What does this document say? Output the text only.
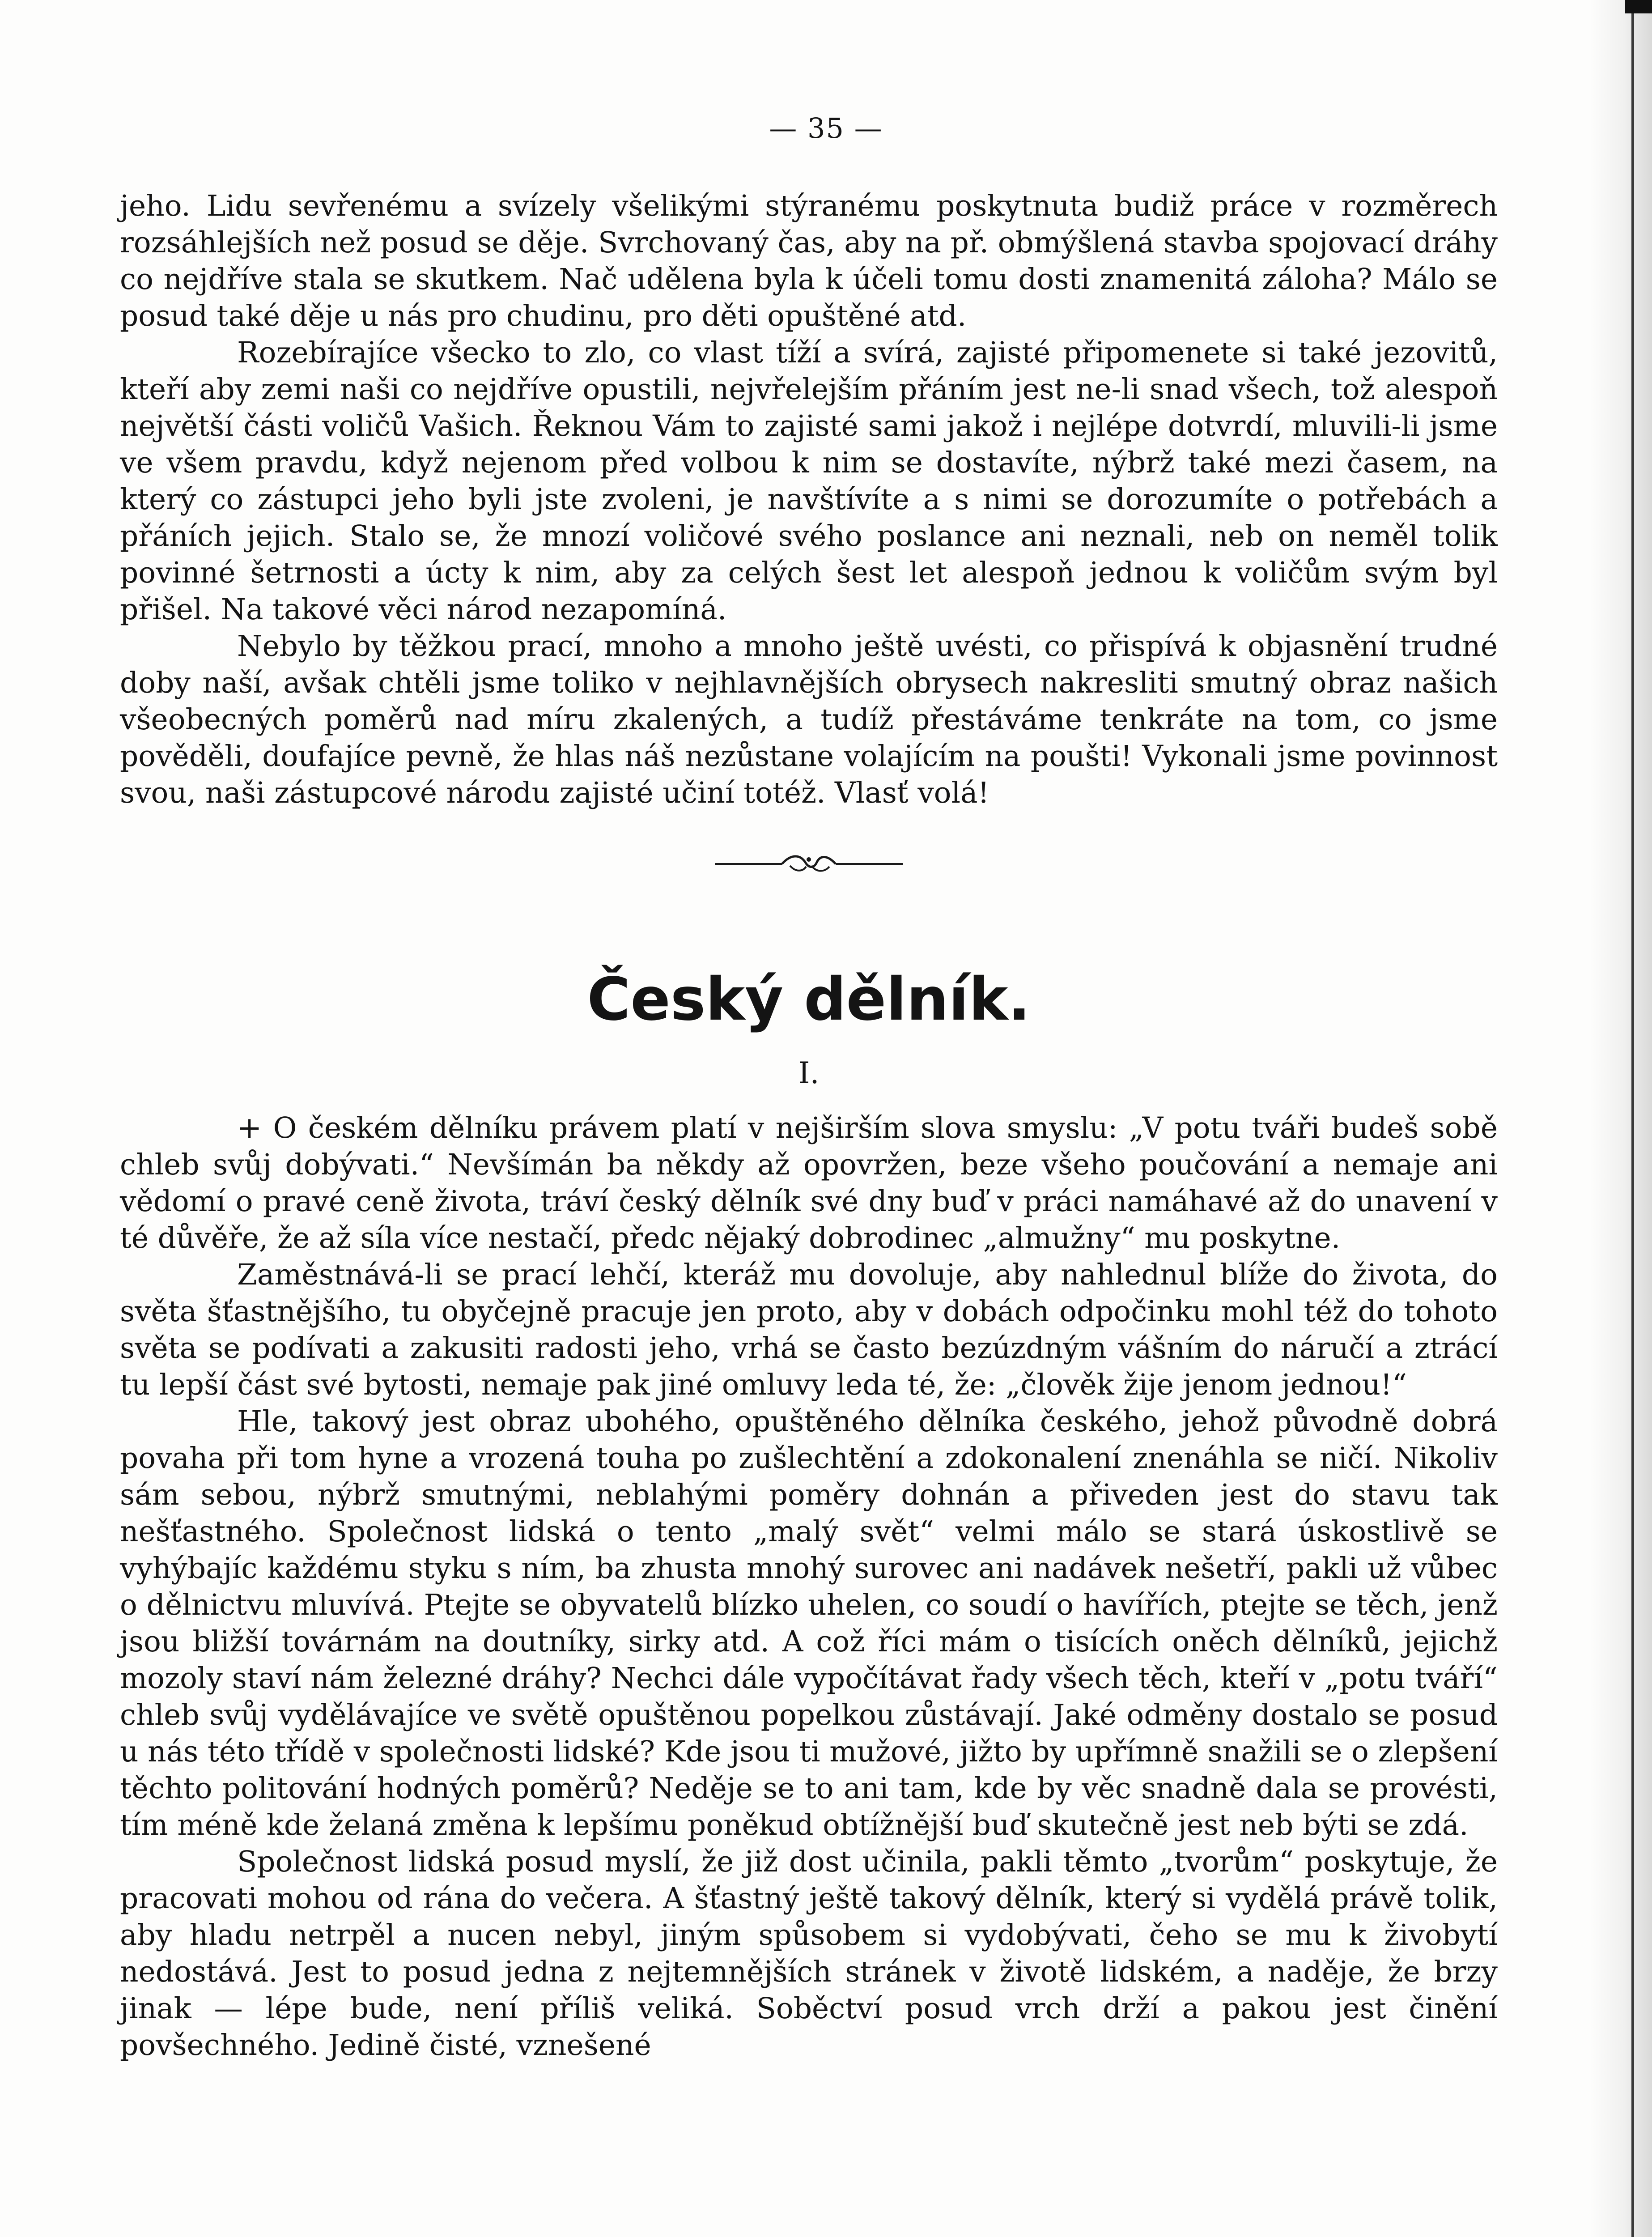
— 35 —

jeho. Lidu sevřenému a svízely všelikými stýranému poskytnuta budiž práce v rozměrech rozsáhlejších než posud se děje. Svrchovaný čas, aby na př. obmýšlená stavba spojovací dráhy co nejdříve stala se skutkem. Nač udělena byla k účeli tomu dosti znamenitá záloha? Málo se posud také děje u nás pro chudinu, pro děti opuštěné atd.

Rozebírajíce všecko to zlo, co vlast tíží a svírá, zajisté připomenete si také jezovitů, kteří aby zemi naši co nejdříve opustili, nejvřelejším přáním jest ne-li snad všech, tož alespoň největší části voličů Vašich. Řeknou Vám to zajisté sami jakož i nejlépe dotvrdí, mluvili-li jsme ve všem pravdu, když nejenom před volbou k nim se dostavíte, nýbrž také mezi časem, na který co zástupci jeho byli jste zvoleni, je navštívíte a s nimi se dorozumíte o potřebách a přáních jejich. Stalo se, že mnozí voličové svého poslance ani neznali, neb on neměl tolik povinné šetrnosti a úcty k nim, aby za celých šest let alespoň jednou k voličům svým byl přišel. Na takové věci národ nezapomíná.

Nebylo by těžkou prací, mnoho a mnoho ještě uvésti, co přispívá k objasnění trudné doby naší, avšak chtěli jsme toliko v nejhlavnějších obrysech nakresliti smutný obraz našich všeobecných poměrů nad míru zkalených, a tudíž přestáváme tenkráte na tom, co jsme pověděli, doufajíce pevně, že hlas náš nezůstane volajícím na poušti! Vykonali jsme povinnost svou, naši zástupcové národu zajisté učiní totéž. Vlasť volá!

Český dělník.
I.

+ O českém dělníku právem platí v nejširším slova smyslu: „V potu tváři budeš sobě chleb svůj dobývati.“ Nevšímán ba někdy až opovržen, beze všeho poučování a nemaje ani vědomí o pravé ceně života, tráví český dělník své dny buď v práci namáhavé až do unavení v té důvěře, že až síla více nestačí, předc nějaký dobrodinec „almužny“ mu poskytne.

Zaměstnává-li se prací lehčí, kteráž mu dovoluje, aby nahlednul blíže do života, do světa šťastnějšího, tu obyčejně pracuje jen proto, aby v dobách odpočinku mohl též do tohoto světa se podívati a zakusiti radosti jeho, vrhá se často bezúzdným vášním do náručí a ztrácí tu lepší část své bytosti, nemaje pak jiné omluvy leda té, že: „člověk žije jenom jednou!“

Hle, takový jest obraz ubohého, opuštěného dělníka českého, jehož původně dobrá povaha při tom hyne a vrozená touha po zušlechtění a zdokonalení znenáhla se ničí. Nikoliv sám sebou, nýbrž smutnými, neblahými poměry dohnán a přiveden jest do stavu tak nešťastného. Společnost lidská o tento „malý svět“ velmi málo se stará úskostlivě se vyhýbajíc každému styku s ním, ba zhusta mnohý surovec ani nadávek nešetří, pakli už vůbec o dělnictvu mluvívá. Ptejte se obyvatelů blízko uhelen, co soudí o havířích, ptejte se těch, jenž jsou bližší továrnám na doutníky, sirky atd. A což říci mám o tisících oněch dělníků, jejichž mozoly staví nám železné dráhy? Nechci dále vypočítávat řady všech těch, kteří v „potu tváří“ chleb svůj vydělávajíce ve světě opuštěnou popelkou zůstávají. Jaké odměny dostalo se posud u nás této třídě v společnosti lidské? Kde jsou ti mužové, jižto by upřímně snažili se o zlepšení těchto politování hodných poměrů? Neděje se to ani tam, kde by věc snadně dala se provésti, tím méně kde želaná změna k lepšímu poněkud obtížnější buď skutečně jest neb býti se zdá.

Společnost lidská posud myslí, že již dost učinila, pakli těmto „tvorům“ poskytuje, že pracovati mohou od rána do večera. A šťastný ještě takový dělník, který si vydělá právě tolik, aby hladu netrpěl a nucen nebyl, jiným spůsobem si vydobývati, čeho se mu k živobytí nedostává. Jest to posud jedna z nejtemnějších stránek v životě lidském, a naděje, že brzy jinak — lépe bude, není příliš veliká. Soběctví posud vrch drží a pakou jest činění povšechného. Jedině čisté, vznešené
